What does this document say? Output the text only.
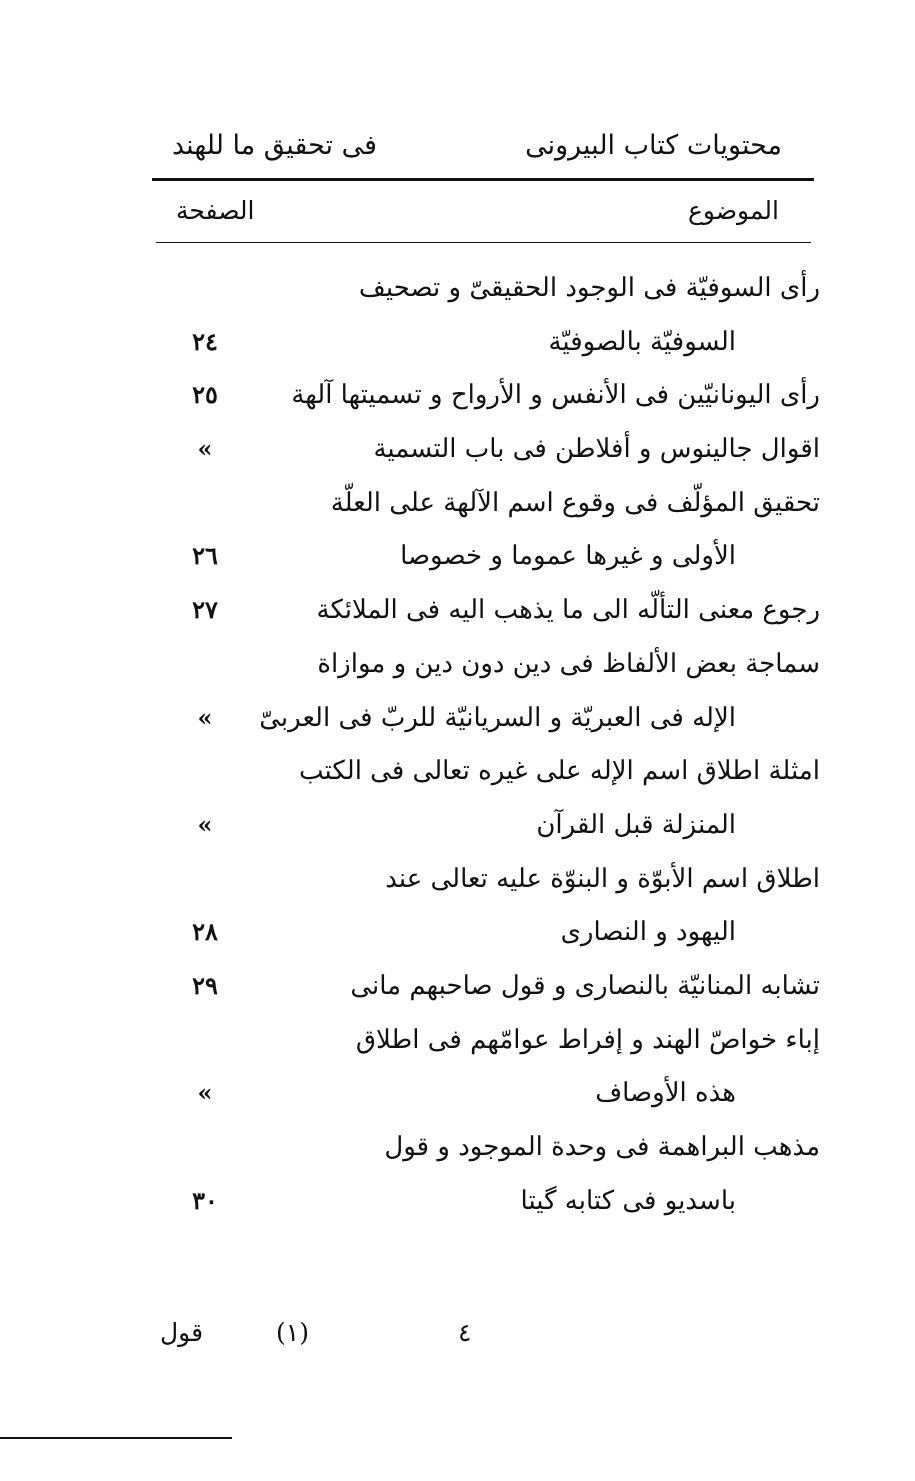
محتويات كتاب البيرونى
فى تحقيق ما للهند
الموضوع
الصفحة
رأى السوفيّة فى الوجود الحقيقىّ و تصحيف
السوفيّة بالصوفيّة
٢٤
رأى اليونانيّين فى الأنفس و الأرواح و تسميتها آلهة
٢٥
اقوال جالينوس و أفلاطن فى باب التسمية
»
تحقيق المؤلّف فى وقوع اسم الآلهة على العلّة
الأولى و غيرها عموما و خصوصا
٢٦
رجوع معنى التألّه الى ما يذهب اليه فى الملائكة
٢٧
سماجة بعض الألفاظ فى دين دون دين و موازاة
الإله فى العبريّة و السريانيّة للربّ فى العربىّ
»
امثلة اطلاق اسم الإله على غيره تعالى فى الكتب
المنزلة قبل القرآن
»
اطلاق اسم الأبوّة و البنوّة عليه تعالى عند
اليهود و النصارى
٢٨
تشابه المنانيّة بالنصارى و قول صاحبهم مانى
٢٩
إباء خواصّ الهند و إفراط عوامّهم فى اطلاق
هذه الأوصاف
»
مذهب البراهمة فى وحدة الموجود و قول
باسديو فى كتابه گيتا
٣٠
قول	(١)	٤
